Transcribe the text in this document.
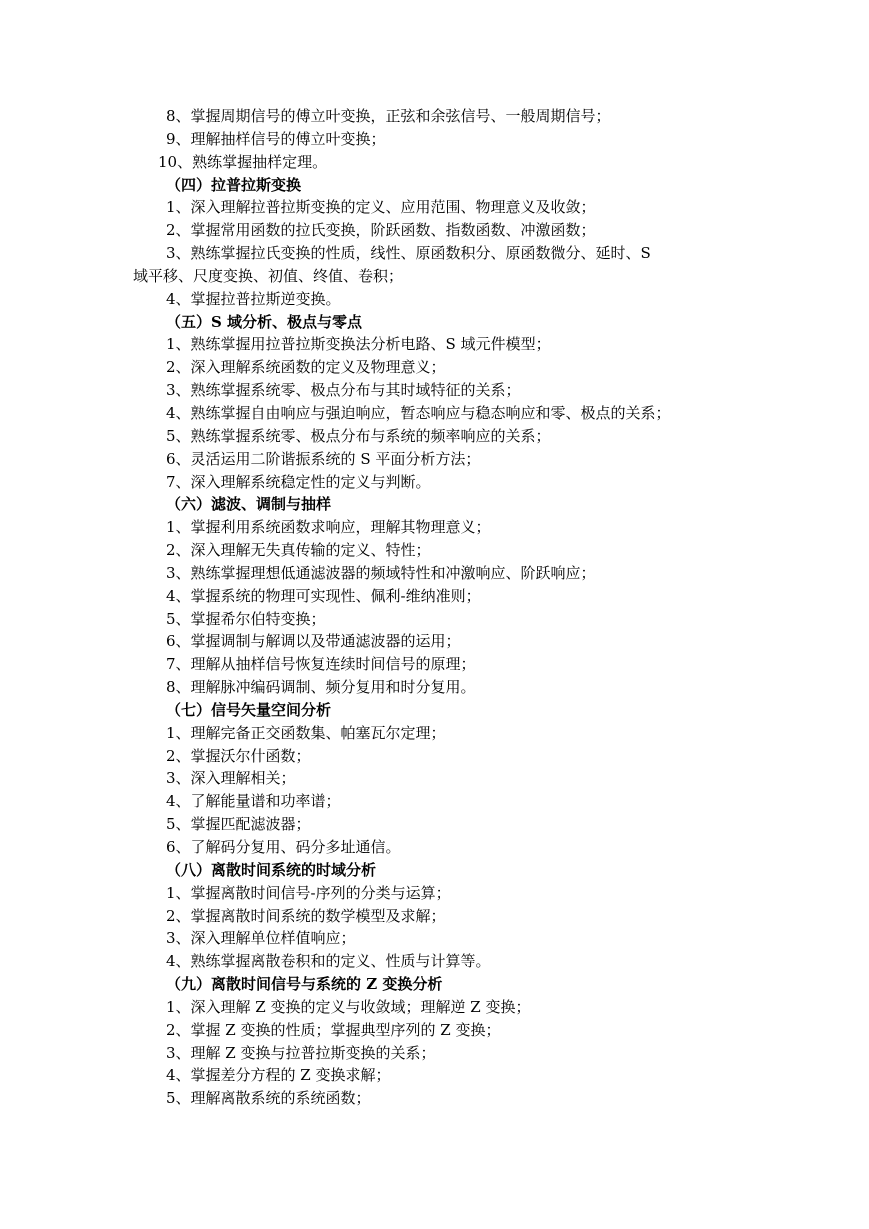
8、掌握周期信号的傅立叶变换，正弦和余弦信号、一般周期信号；
9、理解抽样信号的傅立叶变换；
10、熟练掌握抽样定理。
（四）拉普拉斯变换
1、深入理解拉普拉斯变换的定义、应用范围、物理意义及收敛；
2、掌握常用函数的拉氏变换，阶跃函数、指数函数、冲激函数；
3、熟练掌握拉氏变换的性质，线性、原函数积分、原函数微分、延时、S
域平移、尺度变换、初值、终值、卷积；
4、掌握拉普拉斯逆变换。
（五）S 域分析、极点与零点
1、熟练掌握用拉普拉斯变换法分析电路、S 域元件模型；
2、深入理解系统函数的定义及物理意义；
3、熟练掌握系统零、极点分布与其时域特征的关系；
4、熟练掌握自由响应与强迫响应，暂态响应与稳态响应和零、极点的关系；
5、熟练掌握系统零、极点分布与系统的频率响应的关系；
6、灵活运用二阶谐振系统的 S 平面分析方法；
7、深入理解系统稳定性的定义与判断。
（六）滤波、调制与抽样
1、掌握利用系统函数求响应，理解其物理意义；
2、深入理解无失真传输的定义、特性；
3、熟练掌握理想低通滤波器的频域特性和冲激响应、阶跃响应；
4、掌握系统的物理可实现性、佩利-维纳准则；
5、掌握希尔伯特变换；
6、掌握调制与解调以及带通滤波器的运用；
7、理解从抽样信号恢复连续时间信号的原理；
8、理解脉冲编码调制、频分复用和时分复用。
（七）信号矢量空间分析
1、理解完备正交函数集、帕塞瓦尔定理；
2、掌握沃尔什函数；
3、深入理解相关；
4、了解能量谱和功率谱；
5、掌握匹配滤波器；
6、了解码分复用、码分多址通信。
（八）离散时间系统的时域分析
1、掌握离散时间信号-序列的分类与运算；
2、掌握离散时间系统的数学模型及求解；
3、深入理解单位样值响应；
4、熟练掌握离散卷积和的定义、性质与计算等。
（九）离散时间信号与系统的 Z 变换分析
1、深入理解 Z 变换的定义与收敛域；理解逆 Z 变换；
2、掌握 Z 变换的性质；掌握典型序列的 Z 变换；
3、理解 Z 变换与拉普拉斯变换的关系；
4、掌握差分方程的 Z 变换求解；
5、理解离散系统的系统函数；
